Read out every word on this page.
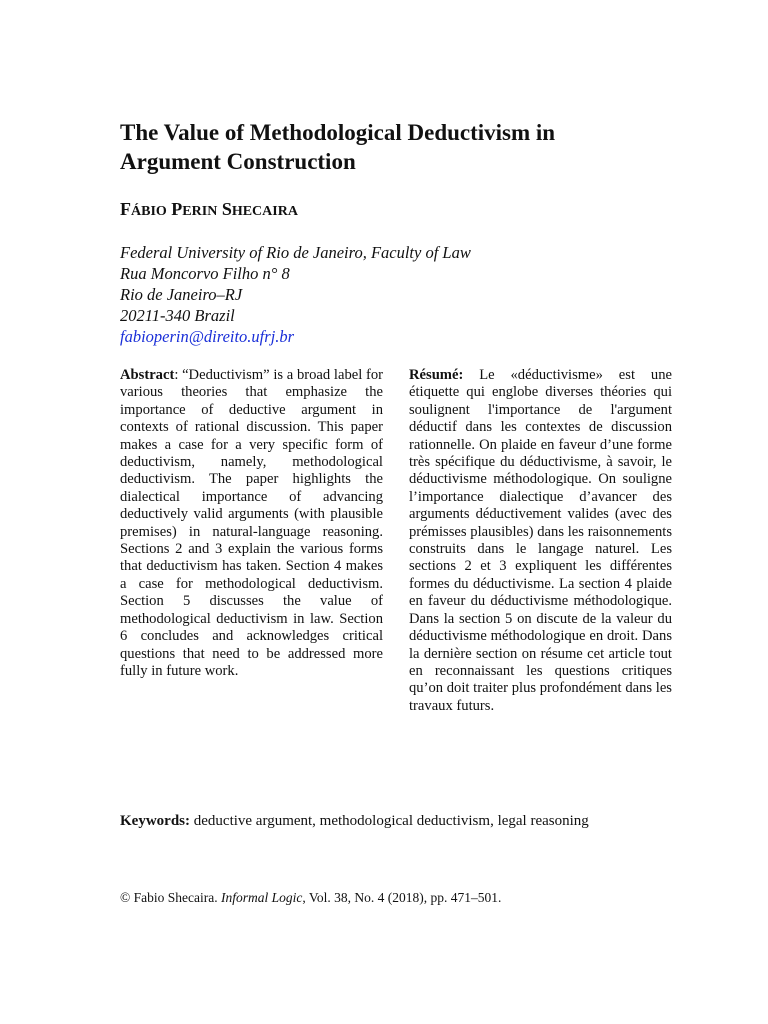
The Value of Methodological Deductivism in
Argument Construction
FÁBIO PERIN SHECAIRA
Federal University of Rio de Janeiro, Faculty of Law
Rua Moncorvo Filho n° 8
Rio de Janeiro–RJ
20211-340 Brazil
fabioperin@direito.ufrj.br
Abstract: “Deductivism” is a broad label for various theories that emphasize the importance of deductive argument in contexts of rational discussion. This paper makes a case for a very specific form of deductivism, namely, methodological deductivism. The paper highlights the dialectical importance of advancing deductively valid arguments (with plausible premises) in natural-language reasoning. Sections 2 and 3 explain the various forms that deductivism has taken. Section 4 makes a case for methodological deductivism. Section 5 discusses the value of methodological deductivism in law. Section 6 concludes and acknowledges critical questions that need to be addressed more fully in future work.
Résumé: Le «déductivisme» est une étiquette qui englobe diverses théories qui soulignent l'importance de l'argument déductif dans les contextes de discussion rationnelle. On plaide en faveur d’une forme très spécifique du déductivisme, à savoir, le déductivisme méthodologique. On souligne l’importance dialectique d’avancer des arguments déductivement valides (avec des prémisses plausibles) dans les raisonnements construits dans le langage naturel. Les sections 2 et 3 expliquent les différentes formes du déductivisme. La section 4 plaide en faveur du déductivisme méthodologique. Dans la section 5 on discute de la valeur du déductivisme méthodologique en droit. Dans la dernière section on résume cet article tout en reconnaissant les questions critiques qu’on doit traiter plus profondément dans les travaux futurs.
Keywords: deductive argument, methodological deductivism, legal reasoning
© Fabio Shecaira. Informal Logic, Vol. 38, No. 4 (2018), pp. 471–501.
